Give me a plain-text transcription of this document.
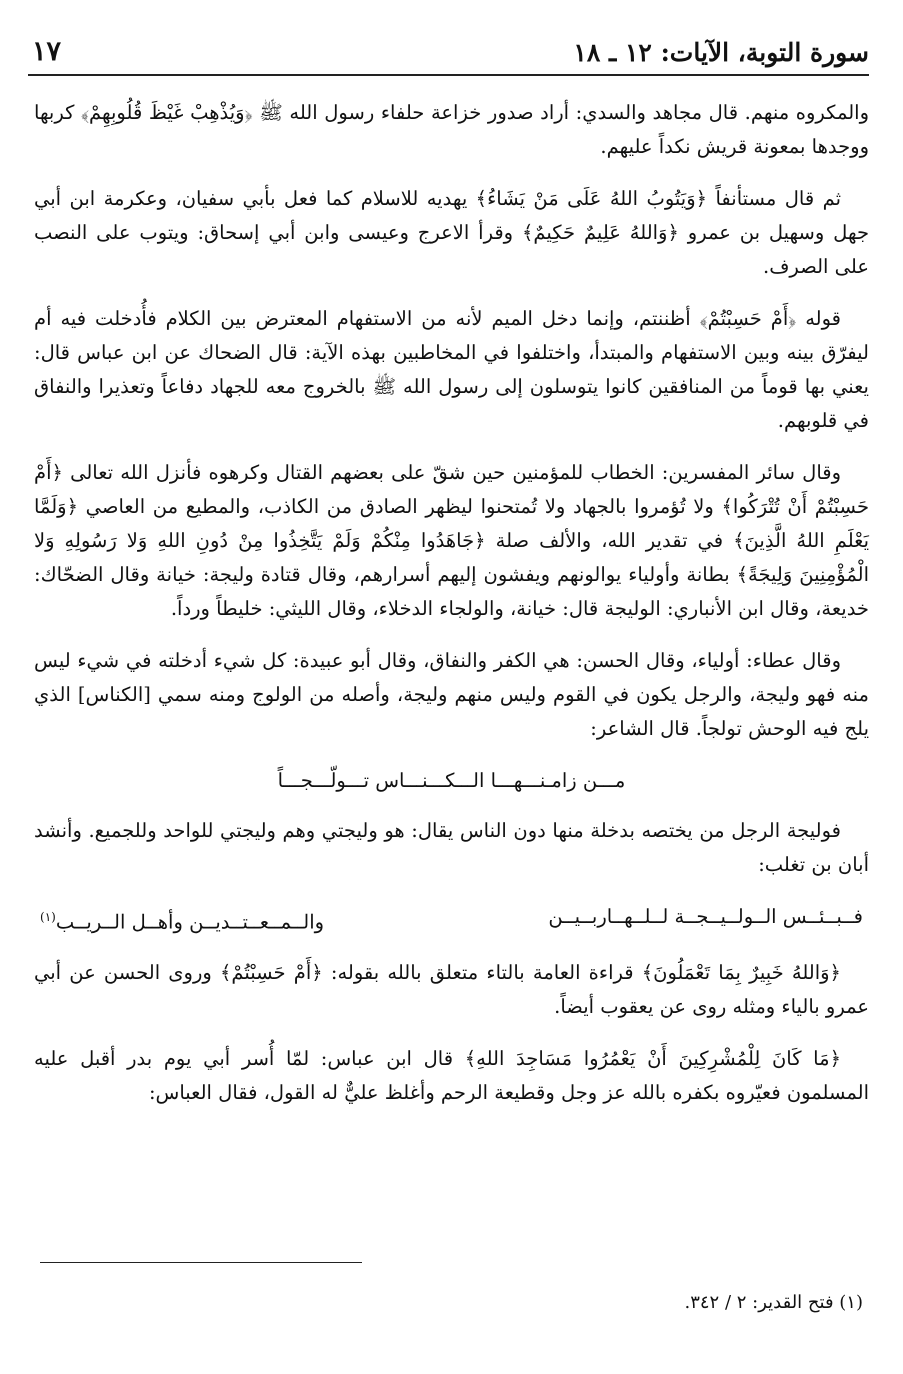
سورة التوبة، الآيات: ١٢ ـ ١٨
١٧

والمكروه منهم. قال مجاهد والسدي: أراد صدور خزاعة حلفاء رسول الله ﷺ ﴿وَيُذْهِبْ غَيْظَ قُلُوبِهِمْ﴾ كربها ووجدها بمعونة قريش نكداً عليهم.

ثم قال مستأنفاً ﴿وَيَتُوبُ اللهُ عَلَى مَنْ يَشَاءُ﴾ يهديه للاسلام كما فعل بأبي سفيان، وعكرمة ابن أبي جهل وسهيل بن عمرو ﴿وَاللهُ عَلِيمٌ حَكِيمٌ﴾ وقرأ الاعرج وعيسى وابن أبي إسحاق: ويتوب على النصب على الصرف.

قوله ﴿أَمْ حَسِبْتُمْ﴾ أظننتم، وإنما دخل الميم لأنه من الاستفهام المعترض بين الكلام فأُدخلت فيه أم ليفرّق بينه وبين الاستفهام والمبتدأ، واختلفوا في المخاطبين بهذه الآية: قال الضحاك عن ابن عباس قال: يعني بها قوماً من المنافقين كانوا يتوسلون إلى رسول الله ﷺ بالخروج معه للجهاد دفاعاً وتعذيرا والنفاق في قلوبهم.

وقال سائر المفسرين: الخطاب للمؤمنين حين شقّ على بعضهم القتال وكرهوه فأنزل الله تعالى ﴿أَمْ حَسِبْتُمْ أَنْ تُتْرَكُوا﴾ ولا تُؤمروا بالجهاد ولا تُمتحنوا ليظهر الصادق من الكاذب، والمطيع من العاصي ﴿وَلَمَّا يَعْلَمِ اللهُ الَّذِينَ﴾ في تقدير الله، والألف صلة ﴿جَاهَدُوا مِنْكُمْ وَلَمْ يَتَّخِذُوا مِنْ دُونِ اللهِ وَلا رَسُولِهِ وَلا الْمُؤْمِنِينَ وَلِيجَةً﴾ بطانة وأولياء يوالونهم ويفشون إليهم أسرارهم، وقال قتادة وليجة: خيانة وقال الضحّاك: خديعة، وقال ابن الأنباري: الوليجة قال: خيانة، والولجاء الدخلاء، وقال الليثي: خليطاً ورداً.

وقال عطاء: أولياء، وقال الحسن: هي الكفر والنفاق، وقال أبو عبيدة: كل شيء أدخلته في شيء ليس منه فهو وليجة، والرجل يكون في القوم وليس منهم وليجة، وأصله من الولوج ومنه سمي [الكناس] الذي يلج فيه الوحش تولجاً. قال الشاعر:

مـــن زامـنـــهـــا الـــكـــنـــاس تـــولّـــجـــاً

فوليجة الرجل من يختصه بدخلة منها دون الناس يقال: هو وليجتي وهم وليجتي للواحد وللجميع. وأنشد أبان بن تغلب:

فــبــئــس الــولــيــجــة لــلــهــاربــيــن
والــمــعــتــديــن وأهــل الــريــب(١)

﴿وَاللهُ خَبِيرٌ بِمَا تَعْمَلُونَ﴾ قراءة العامة بالتاء متعلق بالله بقوله: ﴿أَمْ حَسِبْتُمْ﴾ وروى الحسن عن أبي عمرو بالياء ومثله روى عن يعقوب أيضاً.

﴿مَا كَانَ لِلْمُشْرِكِينَ أَنْ يَعْمُرُوا مَسَاجِدَ اللهِ﴾ قال ابن عباس: لمّا أُسر أبي يوم بدر أقبل عليه المسلمون فعيّروه بكفره بالله عز وجل وقطيعة الرحم وأغلظ عليٌّ له القول، فقال العباس:

(١) فتح القدير: ٢ / ٣٤٢.
